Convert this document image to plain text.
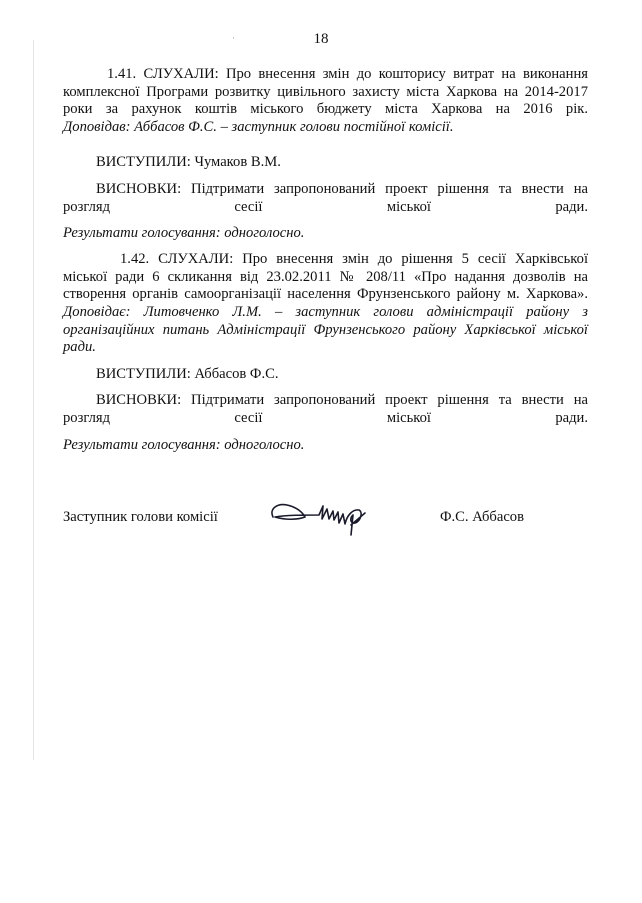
·	18
1.41. СЛУХАЛИ: Про внесення змін до кошторису витрат на виконання комплексної Програми розвитку цивільного захисту міста Харкова на 2014-2017 роки за рахунок коштів міського бюджету міста Харкова на 2016 рік.
Доповідав: Аббасов Ф.С. – заступник голови постійної комісії.
ВИСТУПИЛИ: Чумаков В.М.
ВИСНОВКИ: Підтримати запропонований проект рішення та внести на розгляд сесії міської ради.
Результати голосування: одноголосно.
1.42. СЛУХАЛИ: Про внесення змін до рішення 5 сесії Харківської міської ради 6 скликання від 23.02.2011 № 208/11 «Про надання дозволів на створення органів самоорганізації населення Фрунзенського району м. Харкова».
Доповідає: Литовченко Л.М. – заступник голови адміністрації району з організаційних питань Адміністрації Фрунзенського району Харківської міської ради.
ВИСТУПИЛИ: Аббасов Ф.С.
ВИСНОВКИ: Підтримати запропонований проект рішення та внести на розгляд сесії міської ради.
Результати голосування: одноголосно.
Заступник голови комісії	Ф.С. Аббасов
